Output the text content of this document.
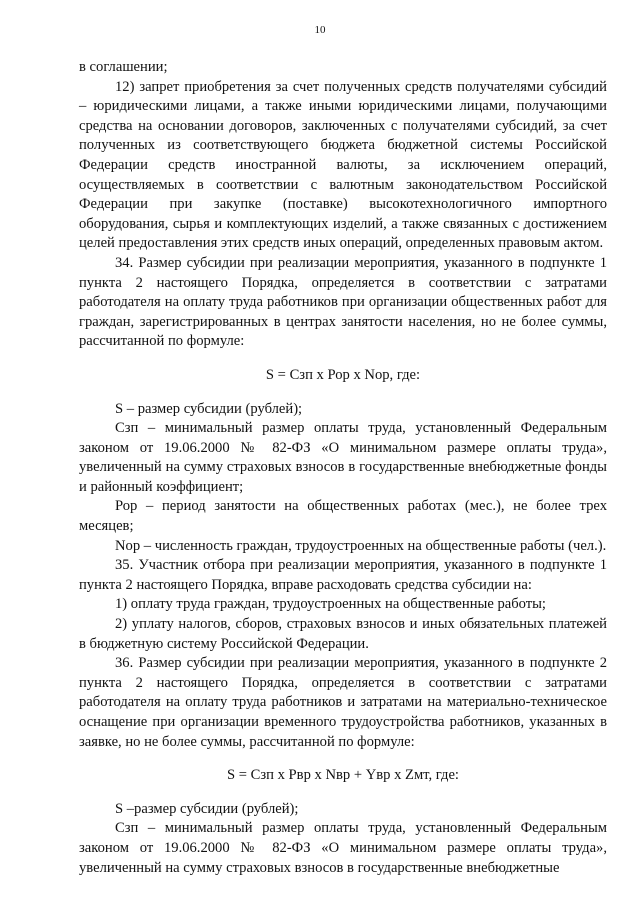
10

в соглашении;

12) запрет приобретения за счет полученных средств получателями субсидий – юридическими лицами, а также иными юридическими лицами, получающими средства на основании договоров, заключенных с получателями субсидий, за счет полученных из соответствующего бюджета бюджетной системы Российской Федерации средств иностранной валюты, за исключением операций, осуществляемых в соответствии с валютным законодательством Российской Федерации при закупке (поставке) высокотехнологичного импортного оборудования, сырья и комплектующих изделий, а также связанных с достижением целей предоставления этих средств иных операций, определенных правовым актом.

34. Размер субсидии при реализации мероприятия, указанного в подпункте 1 пункта 2 настоящего Порядка, определяется в соответствии с затратами работодателя на оплату труда работников при организации общественных работ для граждан, зарегистрированных в центрах занятости населения, но не более суммы, рассчитанной по формуле:

S = Сзп х Рор х Nор, где:

S – размер субсидии (рублей);

Сзп – минимальный размер оплаты труда, установленный Федеральным законом от 19.06.2000 № 82-ФЗ «О минимальном размере оплаты труда», увеличенный на сумму страховых взносов в государственные внебюджетные фонды и районный коэффициент;

Рор – период занятости на общественных работах (мес.), не более трех месяцев;

Nор – численность граждан, трудоустроенных на общественные работы (чел.).

35. Участник отбора при реализации мероприятия, указанного в подпункте 1 пункта 2 настоящего Порядка, вправе расходовать средства субсидии на:

1) оплату труда граждан, трудоустроенных на общественные работы;

2) уплату налогов, сборов, страховых взносов и иных обязательных платежей в бюджетную систему Российской Федерации.

36. Размер субсидии при реализации мероприятия, указанного в подпункте 2 пункта 2 настоящего Порядка, определяется в соответствии с затратами работодателя на оплату труда работников и затратами на материально-техническое оснащение при организации временного трудоустройства работников, указанных в заявке, но не более суммы, рассчитанной по формуле:

S = Сзп х Рвр х Nвр + Yвр х Zмт, где:

S –размер субсидии (рублей);

Сзп – минимальный размер оплаты труда, установленный Федеральным законом от 19.06.2000 № 82-ФЗ «О минимальном размере оплаты труда», увеличенный на сумму страховых взносов в государственные внебюджетные
